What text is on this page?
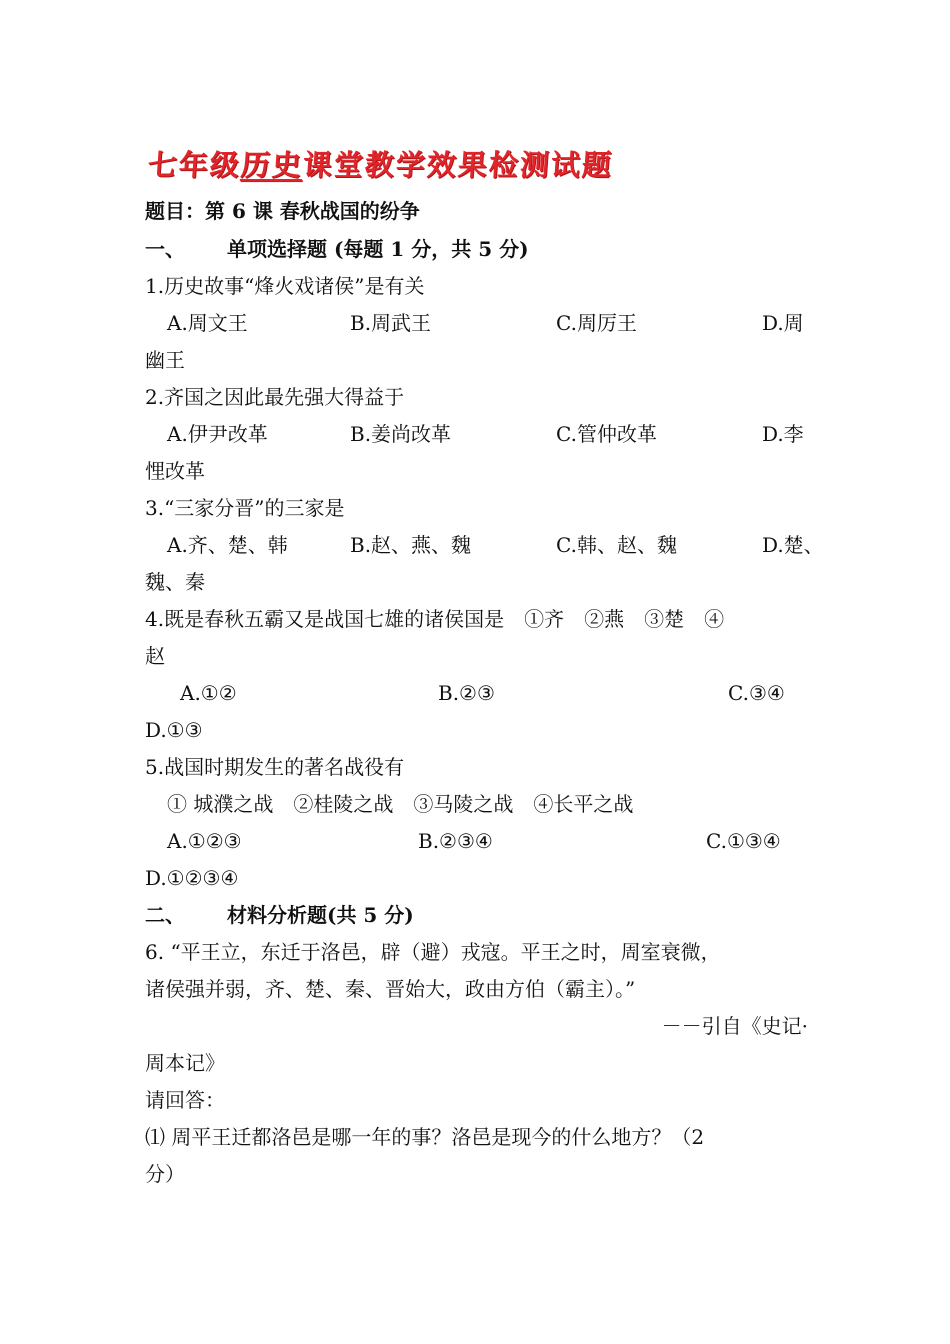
七年级历史课堂教学效果检测试题
题目：第 6 课 春秋战国的纷争
一、 单项选择题 (每题 1 分，共 5 分)
1.历史故事“烽火戏诸侯”是有关
A.周文王	B.周武王	C.周厉王	D.周
幽王
2.齐国之因此最先强大得益于
A.伊尹改革	B.姜尚改革	C.管仲改革	D.李
悝改革
3.“三家分晋”的三家是
A.齐、楚、韩	B.赵、燕、魏	C.韩、赵、魏	D.楚、
魏、秦
4.既是春秋五霸又是战国七雄的诸侯国是　①齐　②燕　③楚　④
赵
A.①②	B.②③	C.③④
D.①③
5.战国时期发生的著名战役有
① 城濮之战　②桂陵之战　③马陵之战　④长平之战
A.①②③	B.②③④	C.①③④
D.①②③④
二、 材料分析题(共 5 分)
6. “平王立，东迁于洛邑，辟（避）戎寇。平王之时，周室衰微，
诸侯强并弱，齐、楚、秦、晋始大，政由方伯（霸主）。”
－－引自《史记·
周本记》
请回答：
⑴ 周平王迁都洛邑是哪一年的事？洛邑是现今的什么地方？（2
分）
